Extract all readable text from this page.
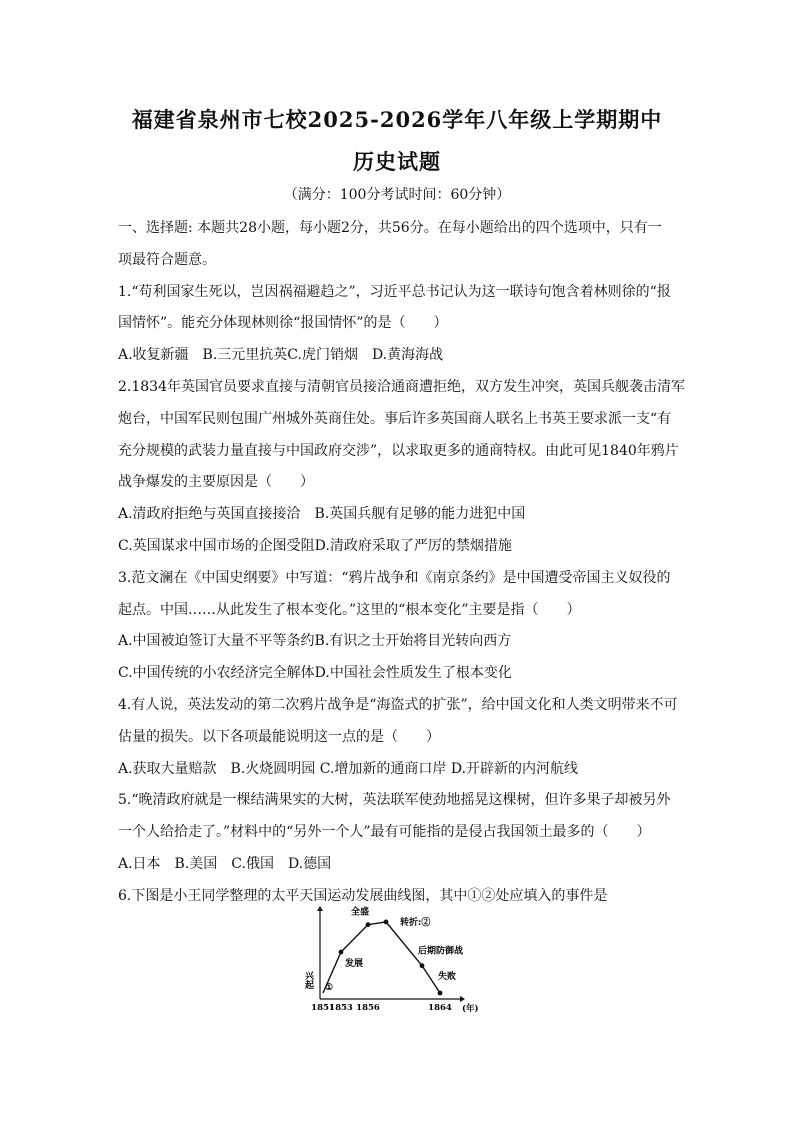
福建省泉州市七校2025-2026学年八年级上学期期中
历史试题
（满分：100分考试时间：60分钟）
一、选择题: 本题共28小题，每小题2分，共56分。在每小题给出的四个选项中，只有一
项最符合题意。
1.“苟利国家生死以，岂因祸福避趋之”，习近平总书记认为这一联诗句饱含着林则徐的“报
国情怀”。能充分体现林则徐“报国情怀”的是（　　）
A.收复新疆　B.三元里抗英C.虎门销烟　D.黄海海战
2.1834年英国官员要求直接与清朝官员接洽通商遭拒绝，双方发生冲突，英国兵舰袭击清军
炮台，中国军民则包围广州城外英商住处。事后许多英国商人联名上书英王要求派一支“有
充分规模的武装力量直接与中国政府交涉”，以求取更多的通商特权。由此可见1840年鸦片
战争爆发的主要原因是（　　）
A.清政府拒绝与英国直接接洽　B.英国兵舰有足够的能力进犯中国
C.英国谋求中国市场的企图受阻D.清政府采取了严厉的禁烟措施
3.范文澜在《中国史纲要》中写道：“鸦片战争和《南京条约》是中国遭受帝国主义奴役的
起点。中国……从此发生了根本变化。”这里的“根本变化”主要是指（　　）
A.中国被迫签订大量不平等条约B.有识之士开始将目光转向西方
C.中国传统的小农经济完全解体D.中国社会性质发生了根本变化
4.有人说，英法发动的第二次鸦片战争是“海盗式的扩张”，给中国文化和人类文明带来不可
估量的损失。以下各项最能说明这一点的是（　　）
A.获取大量赔款　B.火烧圆明园 C.增加新的通商口岸 D.开辟新的内河航线
5.“晚清政府就是一棵结满果实的大树，英法联军使劲地摇晃这棵树，但许多果子却被另外
一个人给拾走了。”材料中的“另外一个人”最有可能指的是侵占我国领土最多的（　　）
A.日本　B.美国　C.俄国　D.德国
6.下图是小王同学整理的太平天国运动发展曲线图，其中①②处应填入的事件是
1851
1853 1856	1864 (年)
兴起 ①
发展
全盛
转折:②
后期防御战
失败
